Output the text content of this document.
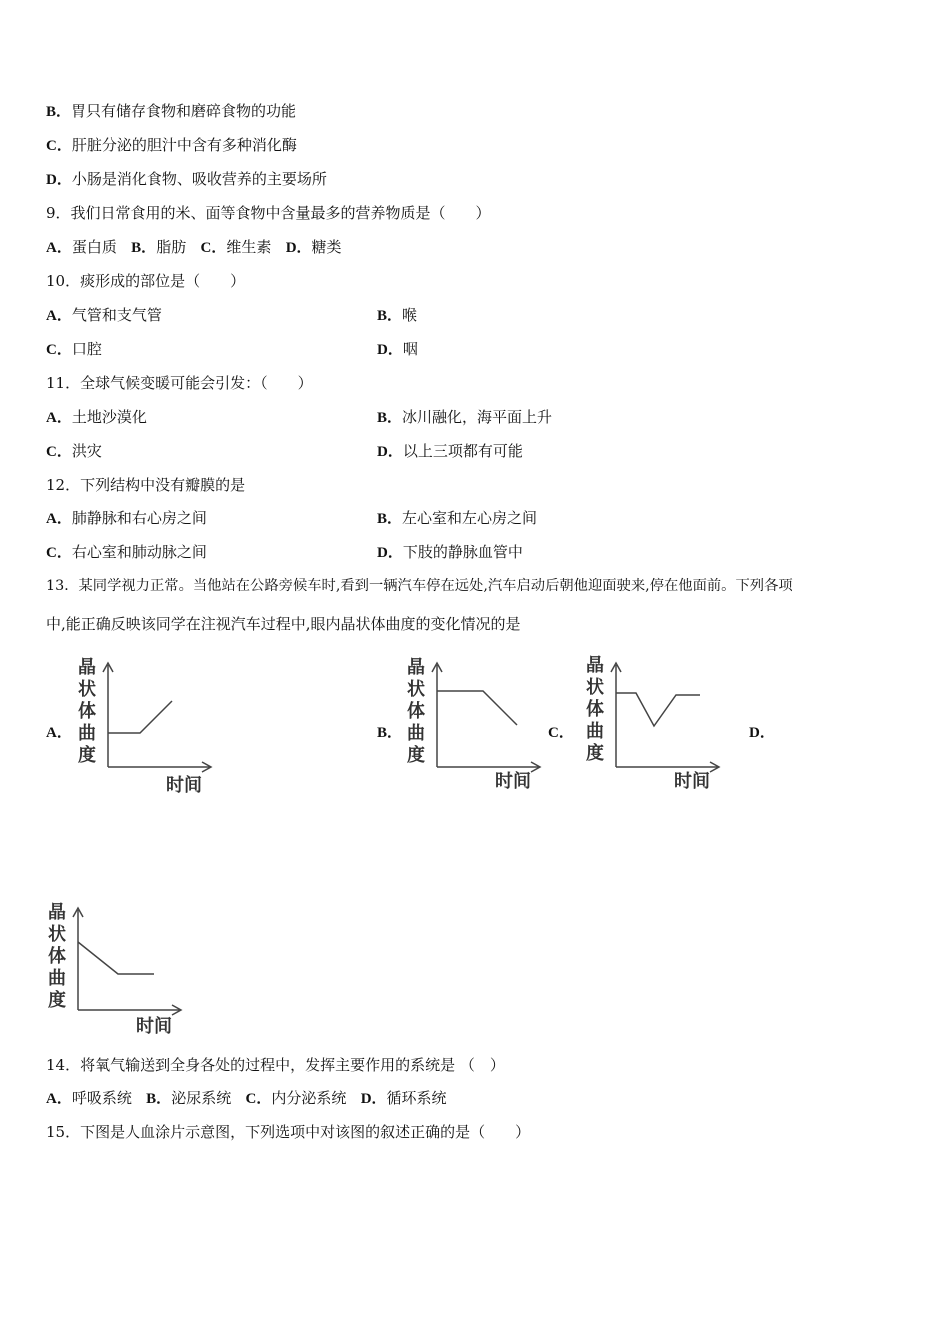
B．胃只有储存食物和磨碎食物的功能
C．肝脏分泌的胆汁中含有多种消化酶
D．小肠是消化食物、吸收营养的主要场所
9．我们日常食用的米、面等食物中含量最多的营养物质是（　　）
A．蛋白质 B．脂肪 C．维生素 D．糖类
10．痰形成的部位是（　　）
A．气管和支气管	B．喉
C．口腔	D．咽
11．全球气候变暖可能会引发：（　　）
A．土地沙漠化	B．冰川融化，海平面上升
C．洪灾	D．以上三项都有可能
12．下列结构中没有瓣膜的是
A．肺静脉和右心房之间	B．左心室和左心房之间
C．右心室和肺动脉之间	D．下肢的静脉血管中
13．某同学视力正常。当他站在公路旁候车时,看到一辆汽车停在远处,汽车启动后朝他迎面驶来,停在他面前。下列各项
中,能正确反映该同学在注视汽车过程中,眼内晶状体曲度的变化情况的是
A．	B．	C．	D．
晶
状
体
曲
度
时间
晶
状
体
曲
度
时间
晶
状
体
曲
度
时间
晶
状
体
曲
度
时间
14．将氧气输送到全身各处的过程中，发挥主要作用的系统是 （　）
A．呼吸系统 B．泌尿系统 C．内分泌系统 D．循环系统
15．下图是人血涂片示意图，下列选项中对该图的叙述正确的是（　　）
